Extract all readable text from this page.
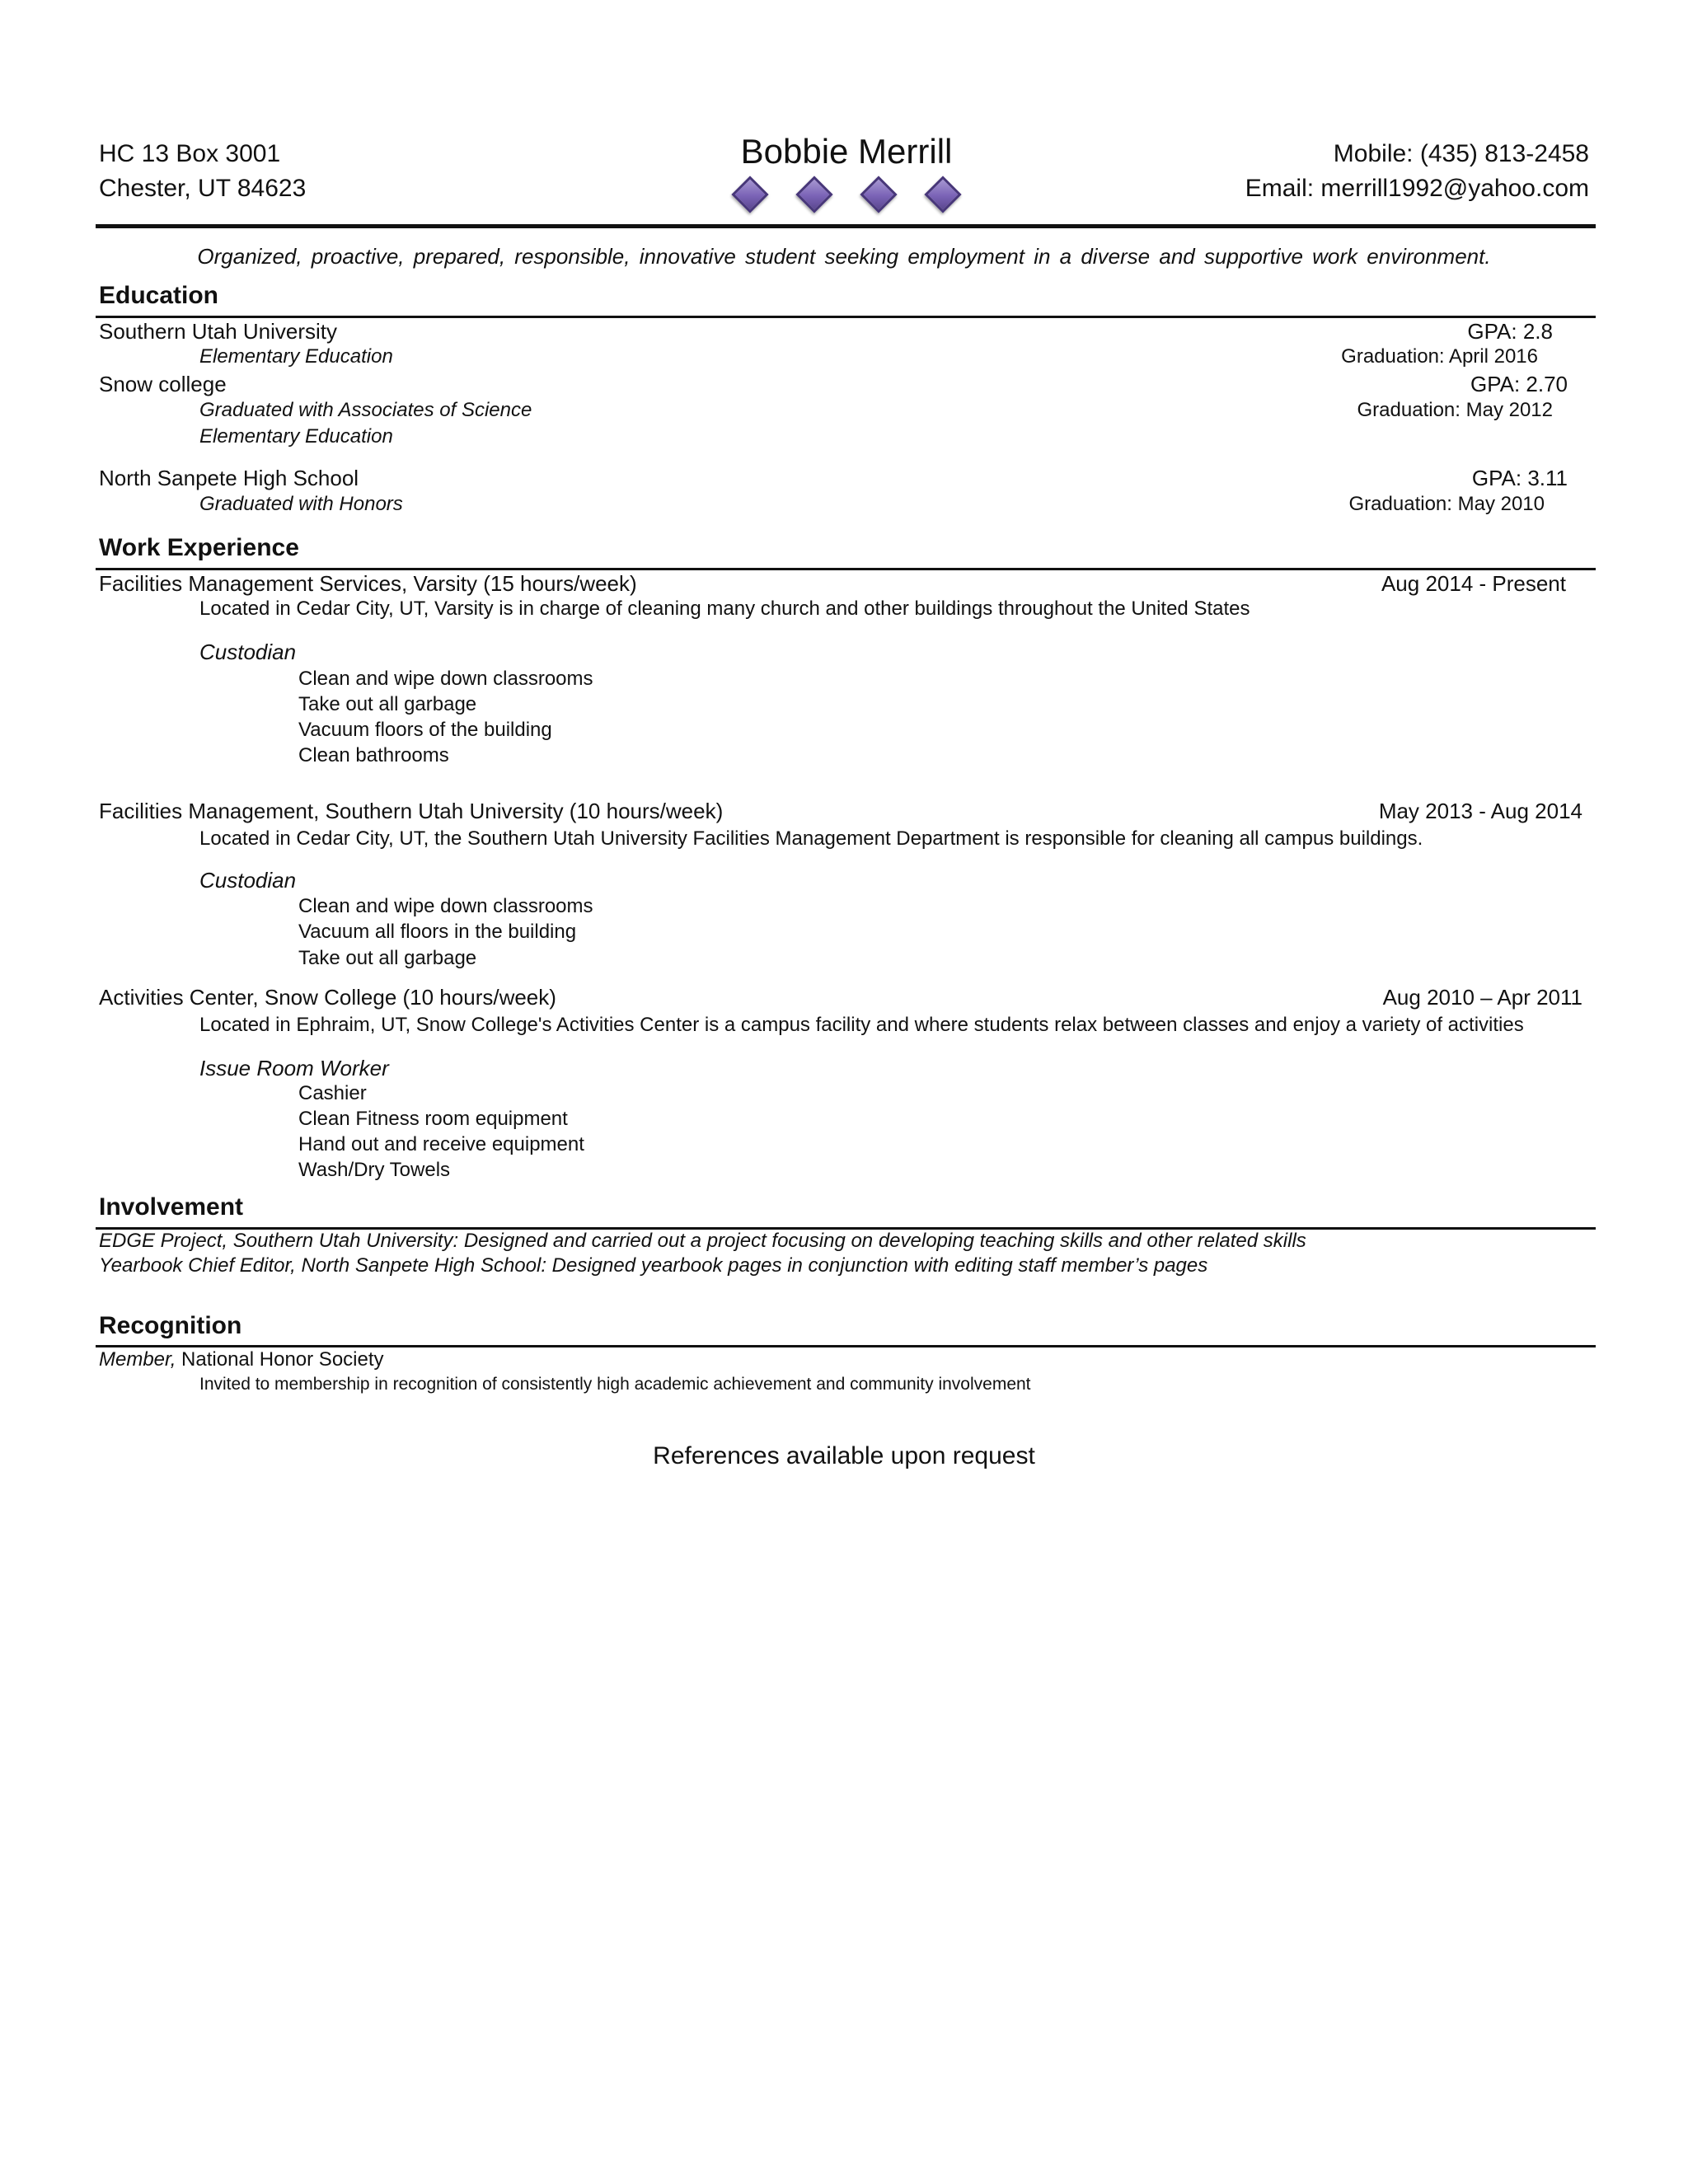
HC 13 Box 3001
Chester, UT 84623
Bobbie Merrill	Mobile: (435) 813-2458
Email: merrill1992@yahoo.com
Organized, proactive, prepared, responsible, innovative student seeking employment in a diverse and supportive work environment.
Education
Southern Utah University	GPA: 2.8
Elementary Education	Graduation: April 2016
Snow college	GPA: 2.70
Graduated with Associates of Science	Graduation: May 2012
Elementary Education
North Sanpete High School	GPA: 3.11
Graduated with Honors	Graduation: May 2010
Work Experience
Facilities Management Services, Varsity (15 hours/week)	Aug 2014 - Present
Located in Cedar City, UT, Varsity is in charge of cleaning many church and other buildings throughout the United States
Custodian
Clean and wipe down classrooms
Take out all garbage
Vacuum floors of the building
Clean bathrooms
Facilities Management, Southern Utah University (10 hours/week)	May 2013 - Aug 2014
Located in Cedar City, UT, the Southern Utah University Facilities Management Department is responsible for cleaning all campus buildings.
Custodian
Clean and wipe down classrooms
Vacuum all floors in the building
Take out all garbage
Activities Center, Snow College (10 hours/week)	Aug 2010 – Apr 2011
Located in Ephraim, UT, Snow College's Activities Center is a campus facility and where students relax between classes and enjoy a variety of activities
Issue Room Worker
Cashier
Clean Fitness room equipment
Hand out and receive equipment
Wash/Dry Towels
Involvement
EDGE Project, Southern Utah University: Designed and carried out a project focusing on developing teaching skills and other related skills
Yearbook Chief Editor, North Sanpete High School: Designed yearbook pages in conjunction with editing staff member’s pages
Recognition
Member, National Honor Society
Invited to membership in recognition of consistently high academic achievement and community involvement
References available upon request
